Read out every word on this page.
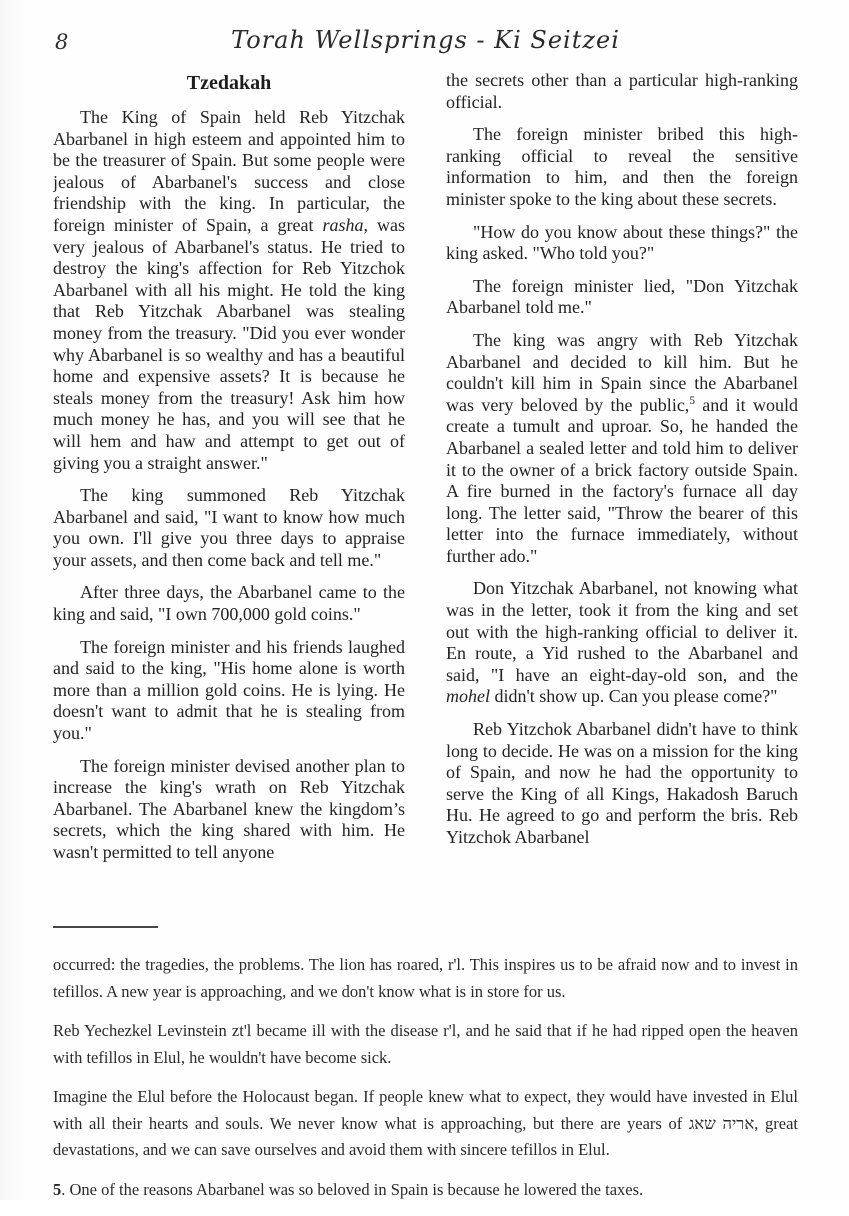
8	Torah Wellsprings - Ki Seitzei
Tzedakah

The King of Spain held Reb Yitzchak Abarbanel in high esteem and appointed him to be the treasurer of Spain. But some people were jealous of Abarbanel's success and close friendship with the king. In particular, the foreign minister of Spain, a great rasha, was very jealous of Abarbanel's status. He tried to destroy the king's affection for Reb Yitzchok Abarbanel with all his might. He told the king that Reb Yitzchak Abarbanel was stealing money from the treasury. "Did you ever wonder why Abarbanel is so wealthy and has a beautiful home and expensive assets? It is because he steals money from the treasury! Ask him how much money he has, and you will see that he will hem and haw and attempt to get out of giving you a straight answer."

The king summoned Reb Yitzchak Abarbanel and said, "I want to know how much you own. I'll give you three days to appraise your assets, and then come back and tell me."

After three days, the Abarbanel came to the king and said, "I own 700,000 gold coins."

The foreign minister and his friends laughed and said to the king, "His home alone is worth more than a million gold coins. He is lying. He doesn't want to admit that he is stealing from you."

The foreign minister devised another plan to increase the king's wrath on Reb Yitzchak Abarbanel. The Abarbanel knew the kingdom’s secrets, which the king shared with him. He wasn't permitted to tell anyone

the secrets other than a particular high-ranking official.

The foreign minister bribed this high-ranking official to reveal the sensitive information to him, and then the foreign minister spoke to the king about these secrets.

"How do you know about these things?" the king asked. "Who told you?"

The foreign minister lied, "Don Yitzchak Abarbanel told me."

The king was angry with Reb Yitzchak Abarbanel and decided to kill him. But he couldn't kill him in Spain since the Abarbanel was very beloved by the public,$^5$ and it would create a tumult and uproar. So, he handed the Abarbanel a sealed letter and told him to deliver it to the owner of a brick factory outside Spain. A fire burned in the factory's furnace all day long. The letter said, "Throw the bearer of this letter into the furnace immediately, without further ado."

Don Yitzchak Abarbanel, not knowing what was in the letter, took it from the king and set out with the high-ranking official to deliver it. En route, a Yid rushed to the Abarbanel and said, "I have an eight-day-old son, and the mohel didn't show up. Can you please come?"

Reb Yitzchok Abarbanel didn't have to think long to decide. He was on a mission for the king of Spain, and now he had the opportunity to serve the King of all Kings, Hakadosh Baruch Hu. He agreed to go and perform the bris. Reb Yitzchok Abarbanel

occurred: the tragedies, the problems. The lion has roared, r'l. This inspires us to be afraid now and to invest in tefillos. A new year is approaching, and we don't know what is in store for us.

Reb Yechezkel Levinstein zt'l became ill with the disease r'l, and he said that if he had ripped open the heaven with tefillos in Elul, he wouldn't have become sick.

Imagine the Elul before the Holocaust began. If people knew what to expect, they would have invested in Elul with all their hearts and souls. We never know what is approaching, but there are years of אריה שאג, great devastations, and we can save ourselves and avoid them with sincere tefillos in Elul.

5. One of the reasons Abarbanel was so beloved in Spain is because he lowered the taxes.
